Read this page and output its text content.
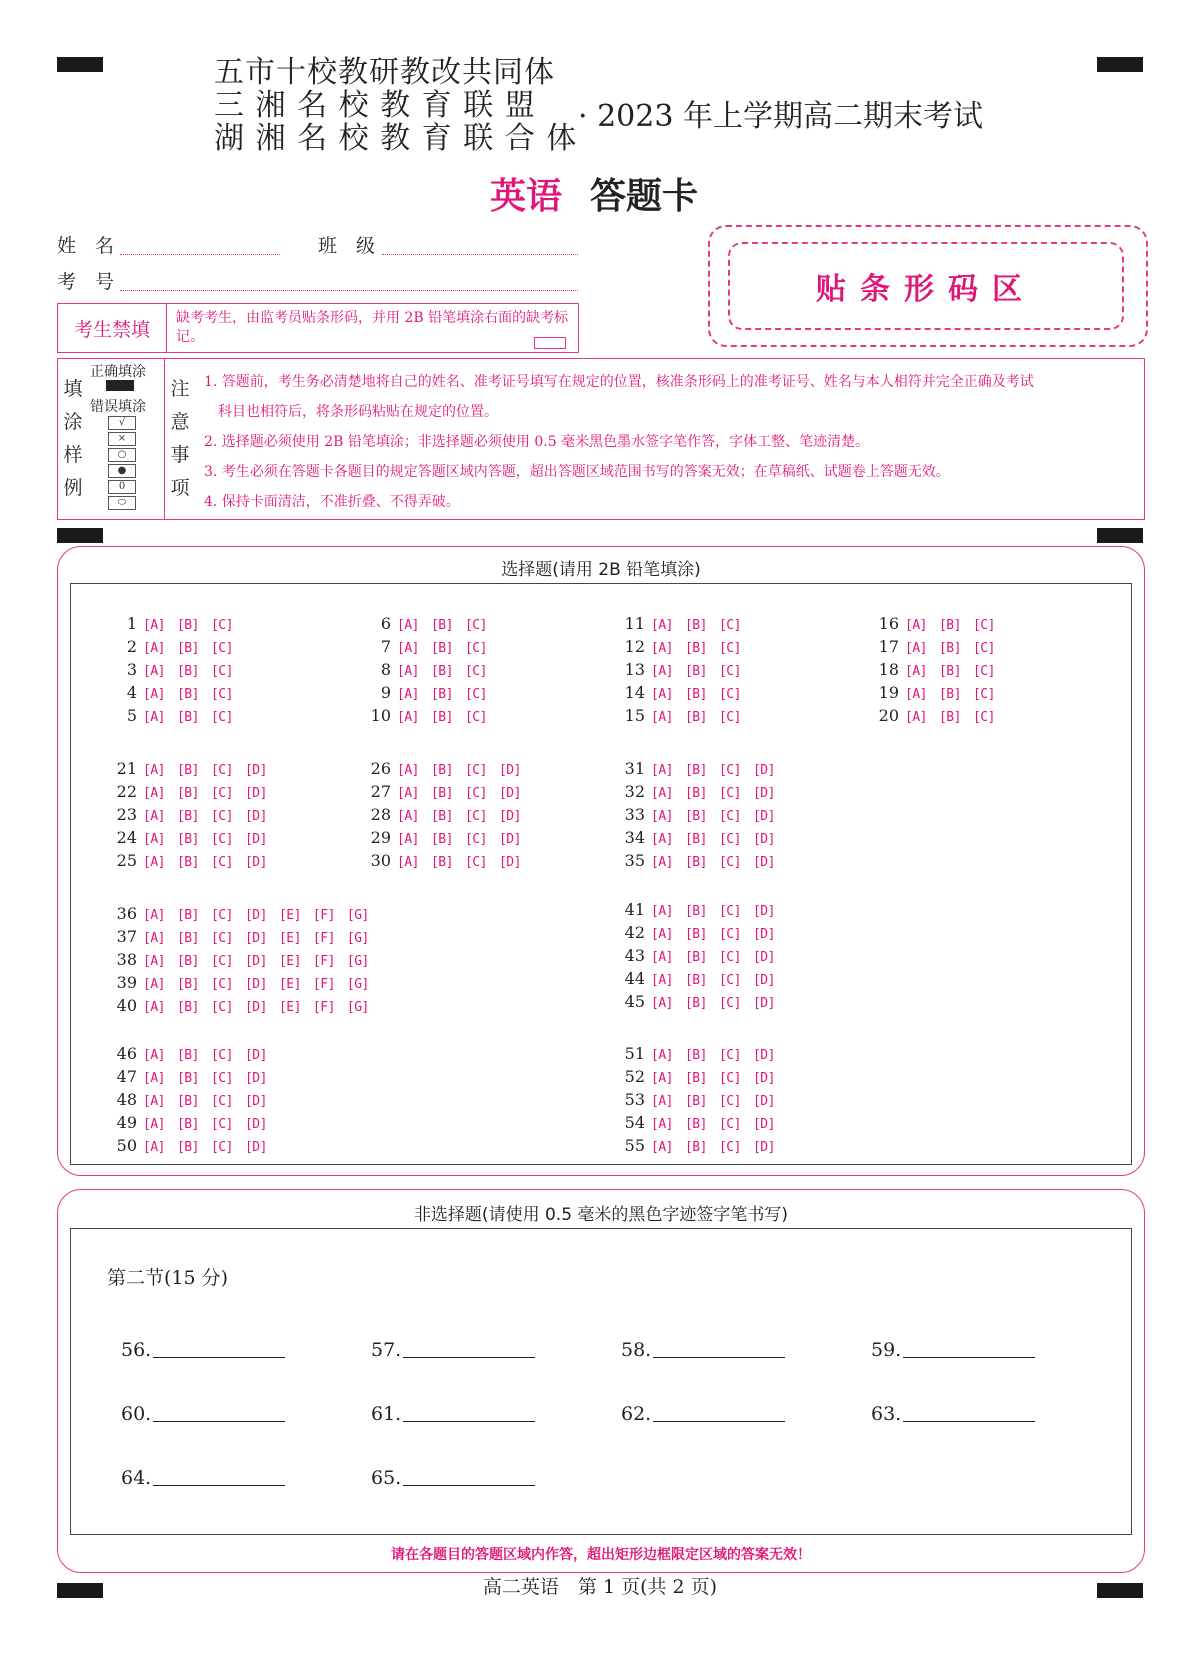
五市十校教研教改共同体
三 湘 名 校 教 育 联 盟
湖 湘 名 校 教 育 联 合 体
· 2023 年上学期高二期末考试
英语 答题卡
姓　名	班　级
考　号	贴条形码区
考生禁填
缺考考生，由监考员贴条形码，并用 2B 铅笔填涂右面的缺考标记。
填
涂
样
例
正确填涂
错误填涂
√
×
○
●
0
⬭
注
意
事
项
1. 答题前，考生务必清楚地将自己的姓名、准考证号填写在规定的位置，核准条形码上的准考证号、姓名与本人相符并完全正确及考试
　科目也相符后，将条形码粘贴在规定的位置。
2. 选择题必须使用 2B 铅笔填涂；非选择题必须使用 0.5 毫米黑色墨水签字笔作答，字体工整、笔迹清楚。
3. 考生必须在答题卡各题目的规定答题区域内答题，超出答题区域范围书写的答案无效；在草稿纸、试题卷上答题无效。
4. 保持卡面清洁，不准折叠、不得弄破。
选择题(请用 2B 铅笔填涂)
1 [A] [B] [C]
2 [A] [B] [C]
3 [A] [B] [C]
4 [A] [B] [C]
5 [A] [B] [C]
6 [A] [B] [C]
7 [A] [B] [C]
8 [A] [B] [C]
9 [A] [B] [C]
10 [A] [B] [C]
11 [A] [B] [C]
12 [A] [B] [C]
13 [A] [B] [C]
14 [A] [B] [C]
15 [A] [B] [C]
16 [A] [B] [C]
17 [A] [B] [C]
18 [A] [B] [C]
19 [A] [B] [C]
20 [A] [B] [C]
21 [A] [B] [C] [D]
22 [A] [B] [C] [D]
23 [A] [B] [C] [D]
24 [A] [B] [C] [D]
25 [A] [B] [C] [D]
26 [A] [B] [C] [D]
27 [A] [B] [C] [D]
28 [A] [B] [C] [D]
29 [A] [B] [C] [D]
30 [A] [B] [C] [D]
31 [A] [B] [C] [D]
32 [A] [B] [C] [D]
33 [A] [B] [C] [D]
34 [A] [B] [C] [D]
35 [A] [B] [C] [D]
36 [A] [B] [C] [D] [E] [F] [G]
37 [A] [B] [C] [D] [E] [F] [G]
38 [A] [B] [C] [D] [E] [F] [G]
39 [A] [B] [C] [D] [E] [F] [G]
40 [A] [B] [C] [D] [E] [F] [G]
41 [A] [B] [C] [D]
42 [A] [B] [C] [D]
43 [A] [B] [C] [D]
44 [A] [B] [C] [D]
45 [A] [B] [C] [D]
46 [A] [B] [C] [D]
47 [A] [B] [C] [D]
48 [A] [B] [C] [D]
49 [A] [B] [C] [D]
50 [A] [B] [C] [D]
51 [A] [B] [C] [D]
52 [A] [B] [C] [D]
53 [A] [B] [C] [D]
54 [A] [B] [C] [D]
55 [A] [B] [C] [D]
非选择题(请使用 0.5 毫米的黑色字迹签字笔书写)
第二节(15 分)
56.	57.	58.	59.
60.	61.	62.	63.
64.	65.
请在各题目的答题区域内作答，超出矩形边框限定区域的答案无效！
高二英语　第 1 页(共 2 页)
